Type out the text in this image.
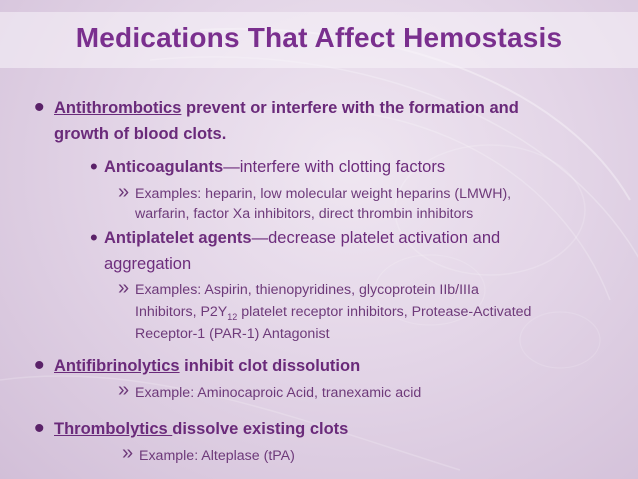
Medications That Affect Hemostasis
• Antithrombotics prevent or interfere with the formation and
growth of blood clots.
• Anticoagulants—interfere with clotting factors
» Examples: heparin, low molecular weight heparins (LMWH),
warfarin, factor Xa inhibitors, direct thrombin inhibitors
• Antiplatelet agents—decrease platelet activation and
aggregation
» Examples: Aspirin, thienopyridines, glycoprotein IIb/IIIa
Inhibitors, $P2Y_{12}$ platelet receptor inhibitors, Protease-Activated
Receptor-1 (PAR-1) Antagonist
• Antifibrinolytics inhibit clot dissolution
» Example: Aminocaproic Acid, tranexamic acid
• Thrombolytics dissolve existing clots
» Example: Alteplase (tPA)
